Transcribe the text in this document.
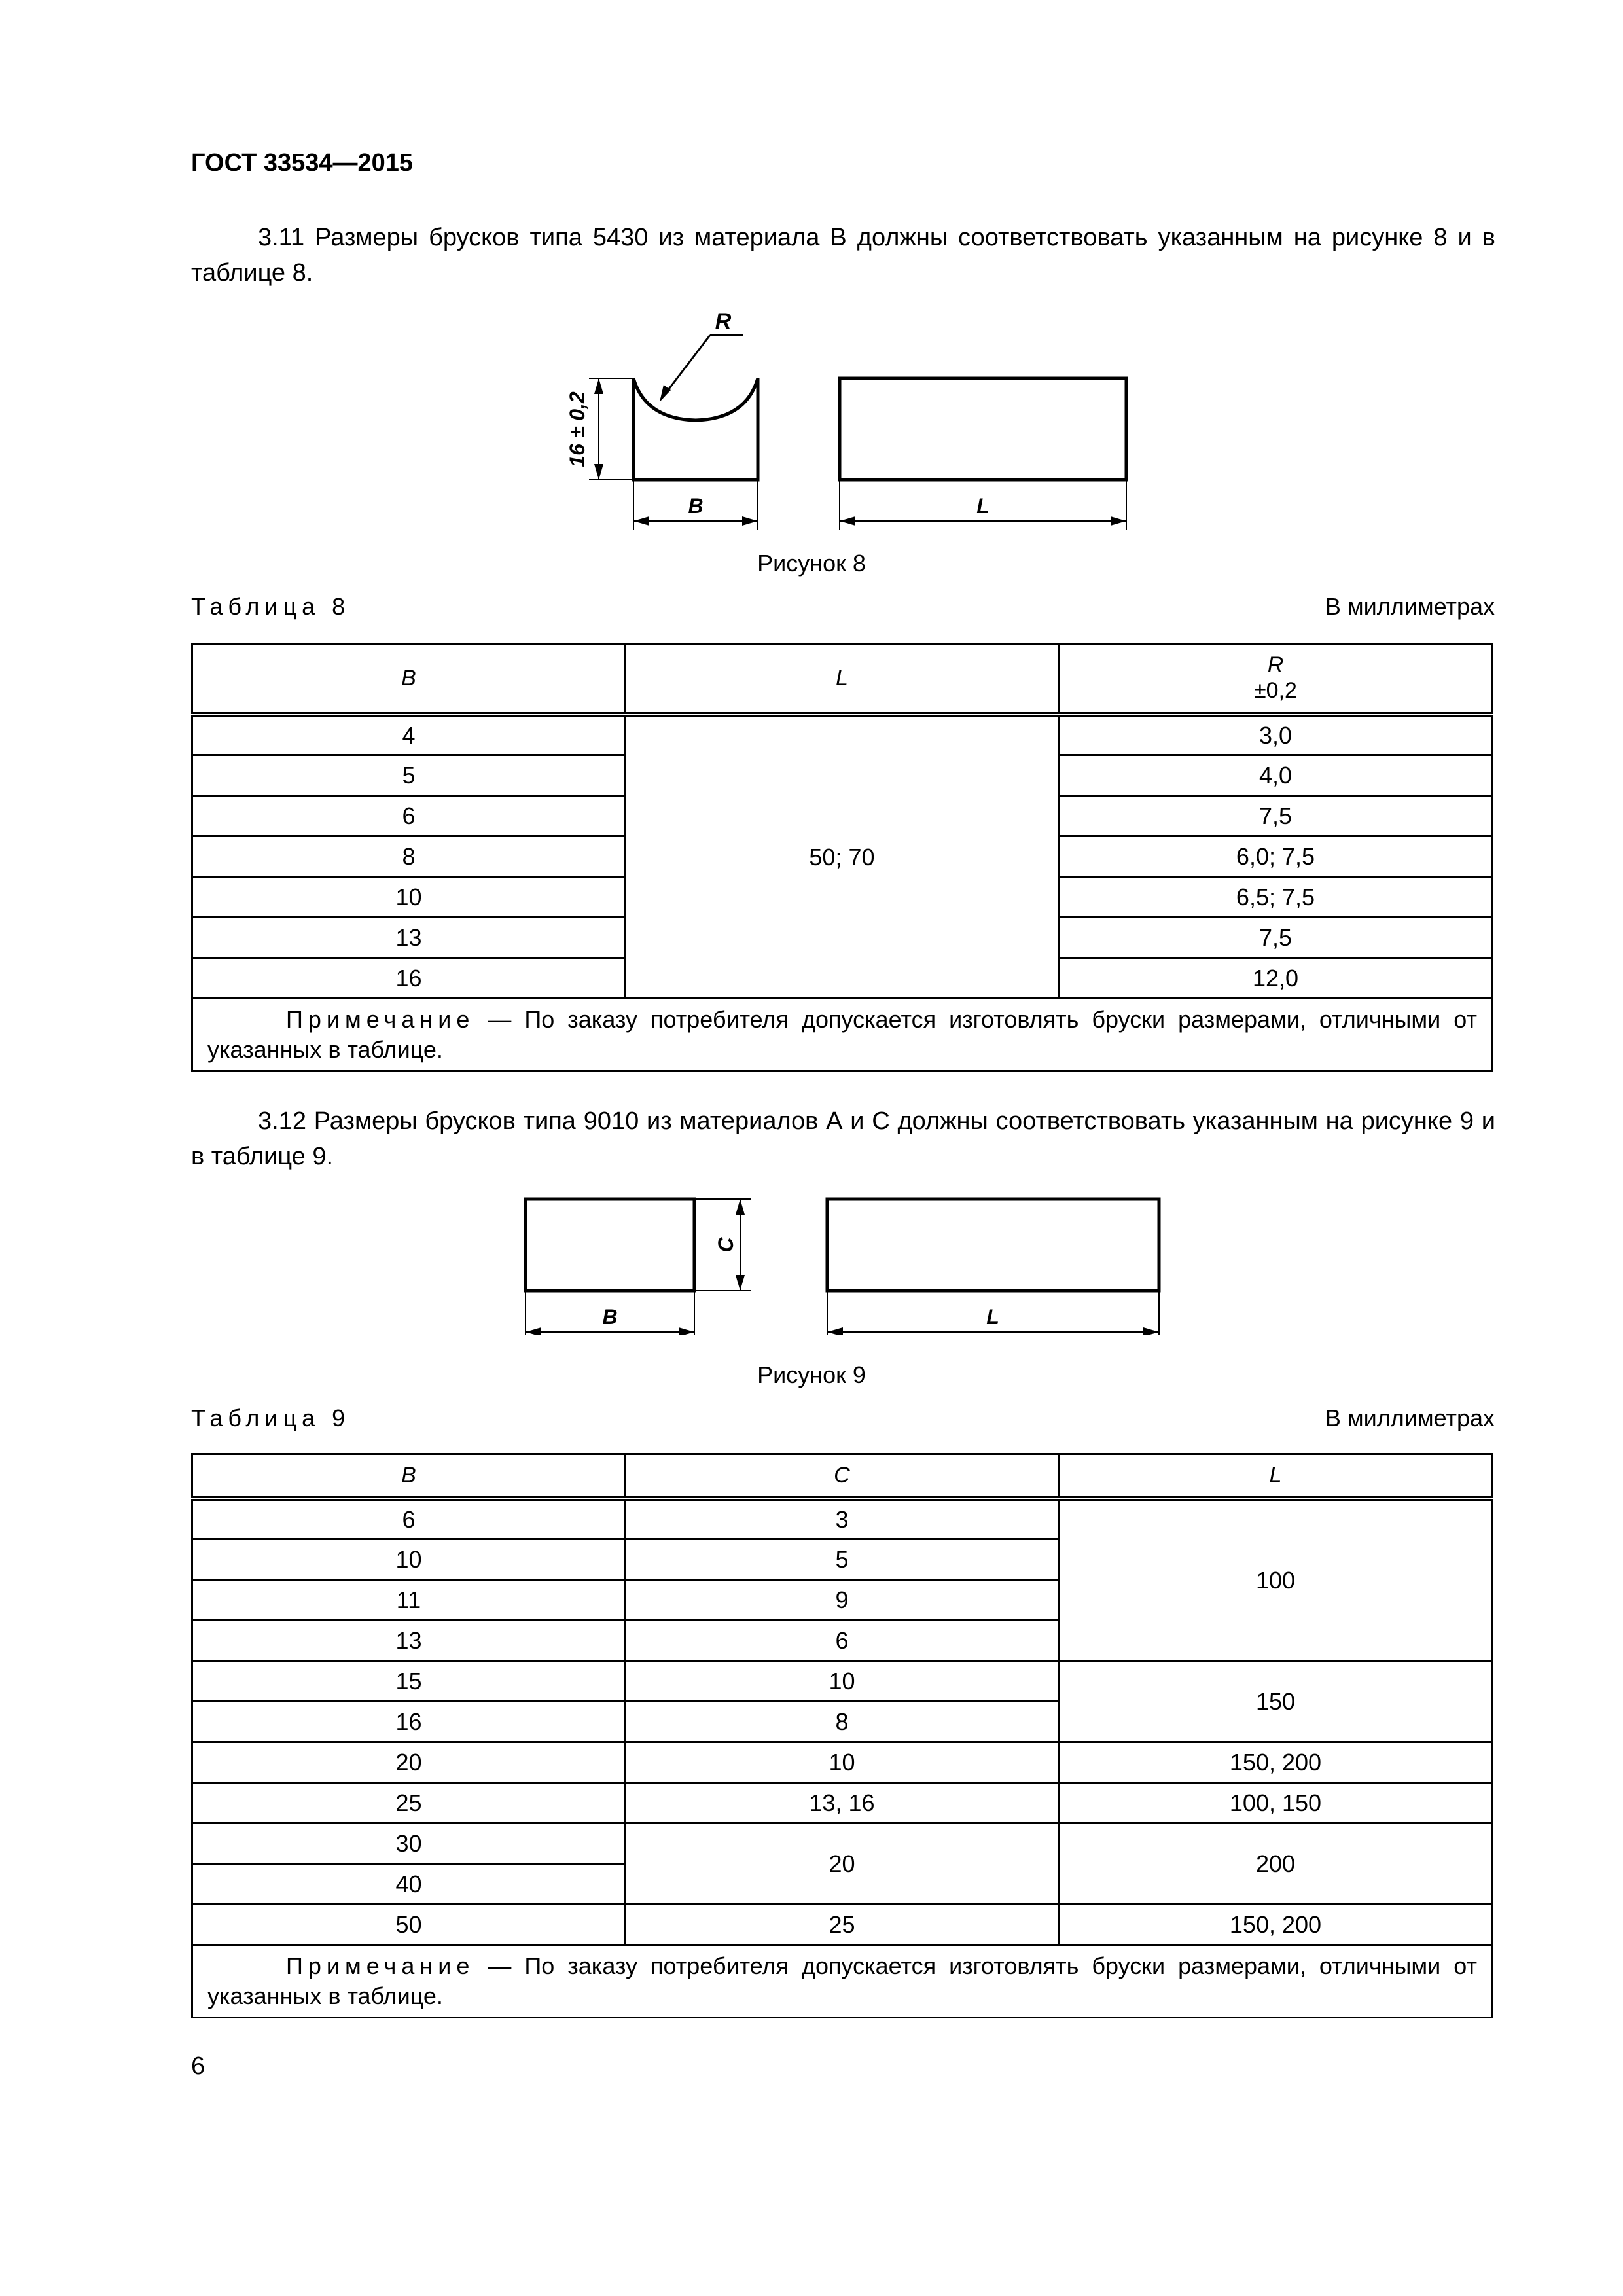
ГОСТ 33534—2015
3.11 Размеры брусков типа 5430 из материала В должны соответствовать указанным на рисунке 8 и в таблице 8.
16 ± 0,2
R
B	L
Рисунок 8
Таблица 8	В миллиметрах
B	L	R
±0,2

4	50; 70	3,0
5		4,0
6		7,5
8		6,0; 7,5
10		6,5; 7,5
13		7,5
16		12,0
Примечание — По заказу потребителя допускается изготовлять бруски размерами, отличными от указанных в таблице.		
3.12 Размеры брусков типа 9010 из материалов А и С должны соответствовать указанным на рисунке 9 и в таблице 9.
C
B	L
Рисунок 9
Таблица 9	В миллиметрах
B	C	L
6	3	100
10	5	
11	9	
13	6	
15	10	150
16	8	
20	10	150, 200
25	13, 16	100, 150
30	20	200
40		
50	25	150, 200
Примечание — По заказу потребителя допускается изготовлять бруски размерами, отличными от указанных в таблице.		
6
